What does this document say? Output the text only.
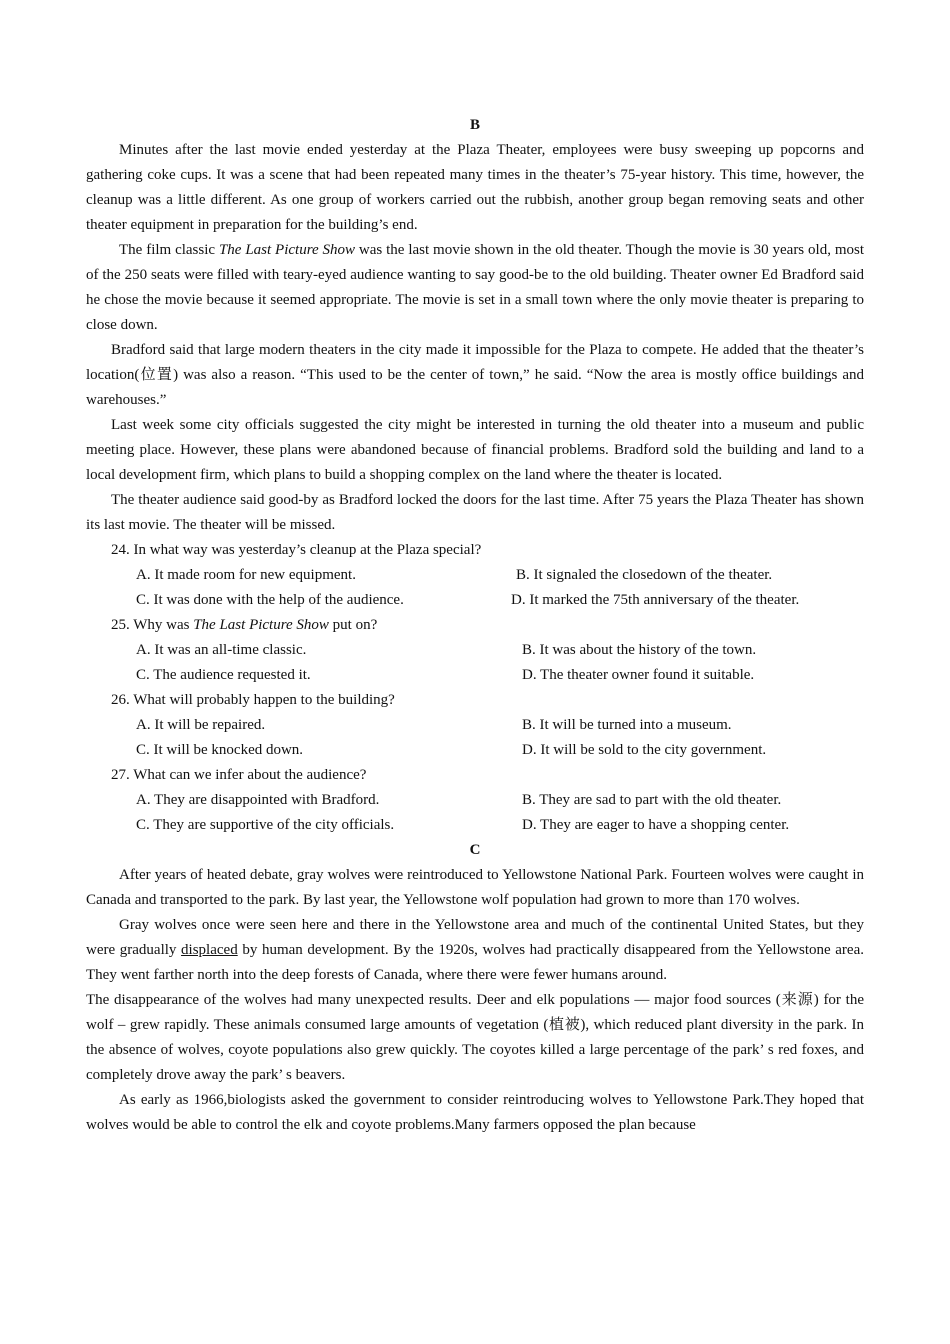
B

Minutes after the last movie ended yesterday at the Plaza Theater, employees were busy sweeping up popcorns and gathering coke cups. It was a scene that had been repeated many times in the theater’s 75-year history. This time, however, the cleanup was a little different. As one group of workers carried out the rubbish, another group began removing seats and other theater equipment in preparation for the building’s end.

The film classic The Last Picture Show was the last movie shown in the old theater. Though the movie is 30 years old, most of the 250 seats were filled with teary-eyed audience wanting to say good-be to the old building. Theater owner Ed Bradford said he chose the movie because it seemed appropriate. The movie is set in a small town where the only movie theater is preparing to close down.

Bradford said that large modern theaters in the city made it impossible for the Plaza to compete. He added that the theater’s location(位置) was also a reason. “This used to be the center of town,” he said. “Now the area is mostly office buildings and warehouses.”

Last week some city officials suggested the city might be interested in turning the old theater into a museum and public meeting place. However, these plans were abandoned because of financial problems. Bradford sold the building and land to a local development firm, which plans to build a shopping complex on the land where the theater is located.

The theater audience said good-by as Bradford locked the doors for the last time. After 75 years the Plaza Theater has shown its last movie. The theater will be missed.

24. In what way was yesterday’s cleanup at the Plaza special?
A. It made room for new equipment.	B. It signaled the closedown of the theater.
C. It was done with the help of the audience.	D. It marked the 75th anniversary of the theater.
25. Why was The Last Picture Show put on?
A. It was an all-time classic.	B. It was about the history of the town.
C. The audience requested it.	D. The theater owner found it suitable.
26. What will probably happen to the building?
A. It will be repaired.	B. It will be turned into a museum.
C. It will be knocked down.	D. It will be sold to the city government.
27. What can we infer about the audience?
A. They are disappointed with Bradford.	B. They are sad to part with the old theater.
C. They are supportive of the city officials.	D. They are eager to have a shopping center.
C

After years of heated debate, gray wolves were reintroduced to Yellowstone National Park. Fourteen wolves were caught in Canada and transported to the park. By last year, the Yellowstone wolf population had grown to more than 170 wolves.

Gray wolves once were seen here and there in the Yellowstone area and much of the continental United States, but they were gradually displaced by human development. By the 1920s, wolves had practically disappeared from the Yellowstone area. They went farther north into the deep forests of Canada, where there were fewer humans around.

The disappearance of the wolves had many unexpected results. Deer and elk populations — major food sources (来源) for the wolf – grew rapidly. These animals consumed large amounts of vegetation (植被), which reduced plant diversity in the park. In the absence of wolves, coyote populations also grew quickly. The coyotes killed a large percentage of the park’ s red foxes, and completely drove away the park’ s beavers.

As early as 1966,biologists asked the government to consider reintroducing wolves to Yellowstone Park.They hoped that wolves would be able to control the elk and coyote problems.Many farmers opposed the plan because
